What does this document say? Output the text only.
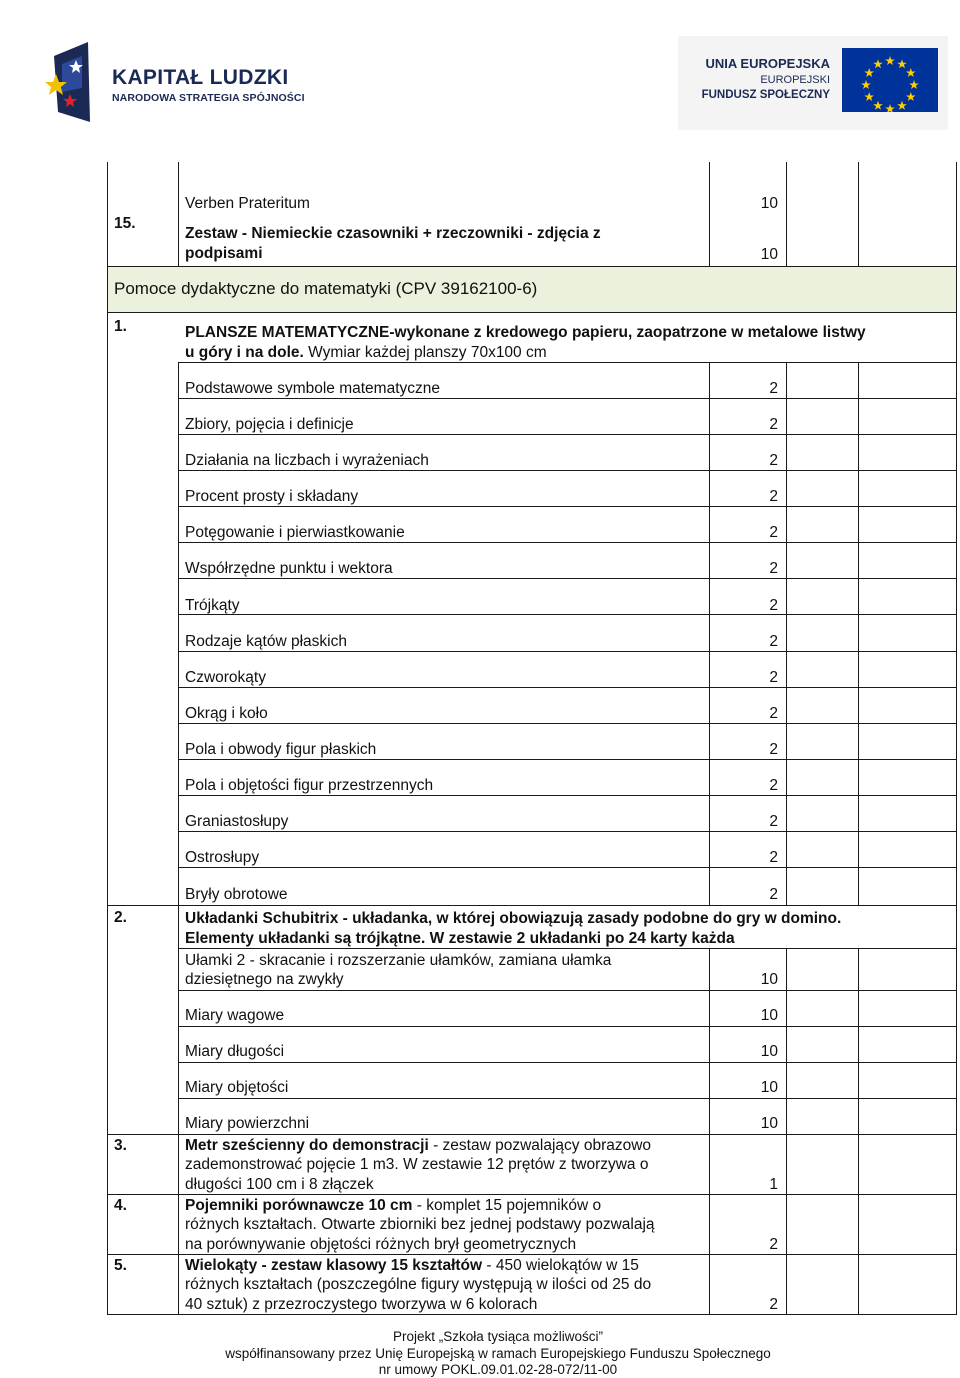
KAPITAŁ LUDZKI
NARODOWA STRATEGIA SPÓJNOŚCI
UNIA EUROPEJSKA
EUROPEJSKI
FUNDUSZ SPOŁECZNY
15.
Verben Prateritum	10
Zestaw - Niemieckie czasowniki + rzeczowniki - zdjęcia z
podpisami	10
Pomoce dydaktyczne do matematyki (CPV 39162100-6)
1.	PLANSZE MATEMATYCZNE-wykonane z kredowego papieru, zaopatrzone w metalowe listwy
u góry i na dole. Wymiar każdej planszy 70x100 cm
Podstawowe symbole matematyczne	2
Zbiory, pojęcia i definicje	2
Działania na liczbach i wyrażeniach	2
Procent prosty i składany	2
Potęgowanie i pierwiastkowanie	2
Współrzędne punktu i wektora	2
Trójkąty	2
Rodzaje kątów płaskich	2
Czworokąty	2
Okrąg i koło	2
Pola i obwody figur płaskich	2
Pola i objętości figur przestrzennych	2
Graniastosłupy	2
Ostrosłupy	2
Bryły obrotowe	2
2.	Układanki Schubitrix - układanka, w której obowiązują zasady podobne do gry w domino.
Elementy układanki są trójkątne. W zestawie 2 układanki po 24 karty każda
Ułamki 2 - skracanie i rozszerzanie ułamków, zamiana ułamka
dziesiętnego na zwykły	10
Miary wagowe	10
Miary długości	10
Miary objętości	10
Miary powierzchni	10
3.	Metr sześcienny do demonstracji - zestaw pozwalający obrazowo
zademonstrować pojęcie 1 m3. W zestawie 12 prętów z tworzywa o
długości 100 cm i 8 złączek	1
4.	Pojemniki porównawcze 10 cm - komplet 15 pojemników o
różnych kształtach. Otwarte zbiorniki bez jednej podstawy pozwalają
na porównywanie objętości różnych brył geometrycznych	2
5.	Wielokąty - zestaw klasowy 15 kształtów - 450 wielokątów w 15
różnych kształtach (poszczególne figury występują w ilości od 25 do
40 sztuk) z przezroczystego tworzywa w 6 kolorach	2
Projekt „Szkoła tysiąca możliwości”
współfinansowany przez Unię Europejską w ramach Europejskiego Funduszu Społecznego
nr umowy POKL.09.01.02-28-072/11-00
